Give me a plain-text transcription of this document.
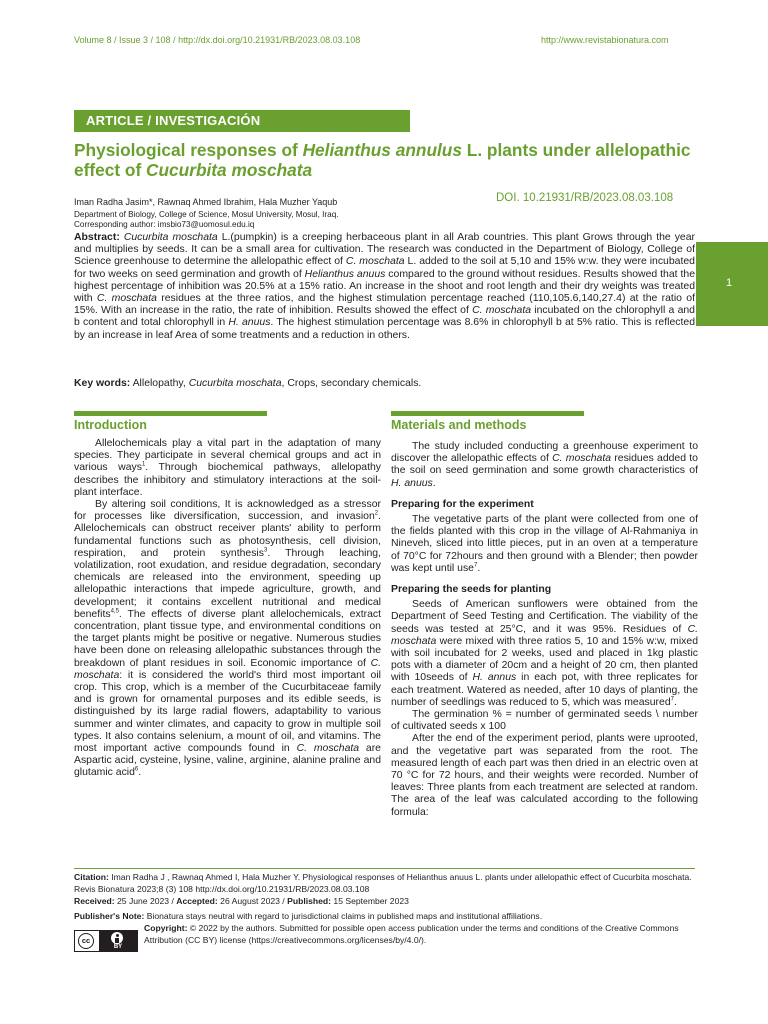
Volume 8 / Issue 3 / 108 / http://dx.doi.org/10.21931/RB/2023.08.03.108	http://www.revistabionatura.com
ARTICLE / INVESTIGACIÓN
Physiological responses of Helianthus annulus L. plants under allelopathic effect of Cucurbita moschata
Iman Radha Jasim*, Rawnaq Ahmed Ibrahim, Hala Muzher Yaqub	DOI. 10.21931/RB/2023.08.03.108
Department of Biology, College of Science, Mosul University, Mosul, Iraq.
Corresponding author: imsbio73@uomosul.edu.iq
1

Abstract: Cucurbita moschata L.(pumpkin) is a creeping herbaceous plant in all Arab countries. This plant Grows through the year and multiplies by seeds. It can be a small area for cultivation. The research was conducted in the Department of Biology, College of Science greenhouse to determine the allelopathic effect of C. moschata L. added to the soil at 5,10 and 15% w:w. they were incubated for two weeks on seed germination and growth of Helianthus anuus compared to the ground without residues. Results showed that the highest percentage of inhibition was 20.5% at a 15% ratio. An increase in the shoot and root length and their dry weights was treated with C. moschata residues at the three ratios, and the highest stimulation percentage reached (110,105.6,140,27.4) at the ratio of 15%. With an increase in the ratio, the rate of inhibition. Results showed the effect of C. moschata incubated on the chlorophyll a and b content and total chlorophyll in H. anuus. The highest stimulation percentage was 8.6% in chlorophyll b at 5% ratio. This is reflected by an increase in leaf Area of some treatments and a reduction in others.

Key words: Allelopathy, Cucurbita moschata, Crops, secondary chemicals.
Introduction

Allelochemicals play a vital part in the adaptation of many species. They participate in several chemical groups and act in various ways$^1$. Through biochemical pathways, allelopathy describes the inhibitory and stimulatory interactions at the soil-plant interface.

By altering soil conditions, It is acknowledged as a stressor for processes like diversification, succession, and invasion$^2$. Allelochemicals can obstruct receiver plants' ability to perform fundamental functions such as photosynthesis, cell division, respiration, and protein synthesis$^3$. Through leaching, volatilization, root exudation, and residue degradation, secondary chemicals are released into the environment, speeding up allelopathic interactions that impede agriculture, growth, and development; it contains excellent nutritional and medical benefits$^{4,5}$. The effects of diverse plant allelochemicals, extract concentration, plant tissue type, and environmental conditions on the target plants might be positive or negative. Numerous studies have been done on releasing allelopathic substances through the breakdown of plant residues in soil. Economic importance of C. moschata: it is considered the world's third most important oil crop. This crop, which is a member of the Cucurbitaceae family and is grown for ornamental purposes and its edible seeds, is distinguished by its large radial flowers, adaptability to various summer and winter climates, and capacity to grow in multiple soil types. It also contains selenium, a mount of oil, and vitamins. The most important active compounds found in C. moschata are Aspartic acid, cysteine, lysine, valine, arginine, alanine praline and glutamic acid$^6$.

Materials and methods

The study included conducting a greenhouse experiment to discover the allelopathic effects of C. moschata residues added to the soil on seed germination and some growth characteristics of H. anuus.

Preparing for the experiment

The vegetative parts of the plant were collected from one of the fields planted with this crop in the village of Al-Rahmaniya in Nineveh, sliced into little pieces, put in an oven at a temperature of 70°C for 72hours and then ground with a Blender; then powder was kept until use$^7$.

Preparing the seeds for planting

Seeds of American sunflowers were obtained from the Department of Seed Testing and Certification. The viability of the seeds was tested at 25°C, and it was 95%. Residues of C. moschata were mixed with three ratios 5, 10 and 15% w:w, mixed with soil incubated for 2 weeks, used and placed in 1kg plastic pots with a diameter of 20cm and a height of 20 cm, then planted with 10seeds of H. annus in each pot, with three replicates for each treatment. Watered as needed, after 10 days of planting, the number of seedlings was reduced to 5, which was measured$^7$.

The germination % = number of germinated seeds \ number of cultivated seeds x 100

After the end of the experiment period, plants were uprooted, and the vegetative part was separated from the root. The measured length of each part was then dried in an electric oven at 70 °C for 72 hours, and their weights were recorded. Number of leaves: Three plants from each treatment are selected at random. The area of the leaf was calculated according to the following formula:

Citation: Iman Radha J , Rawnaq Ahmed I, Hala Muzher Y. Physiological responses of Helianthus anuus L. plants under allelopathic effect of Cucurbita moschata. Revis Bionatura 2023;8 (3) 108 http://dx.doi.org/10.21931/RB/2023.08.03.108
Received: 25 June 2023 / Accepted: 26 August 2023 / Published: 15 September 2023
Publisher's Note: Bionatura stays neutral with regard to jurisdictional claims in published maps and institutional affiliations.
Copyright: © 2022 by the authors. Submitted for possible open access publication under the terms and conditions of the Creative Commons Attribution (CC BY) license (https://creativecommons.org/licenses/by/4.0/).
cc
BY
